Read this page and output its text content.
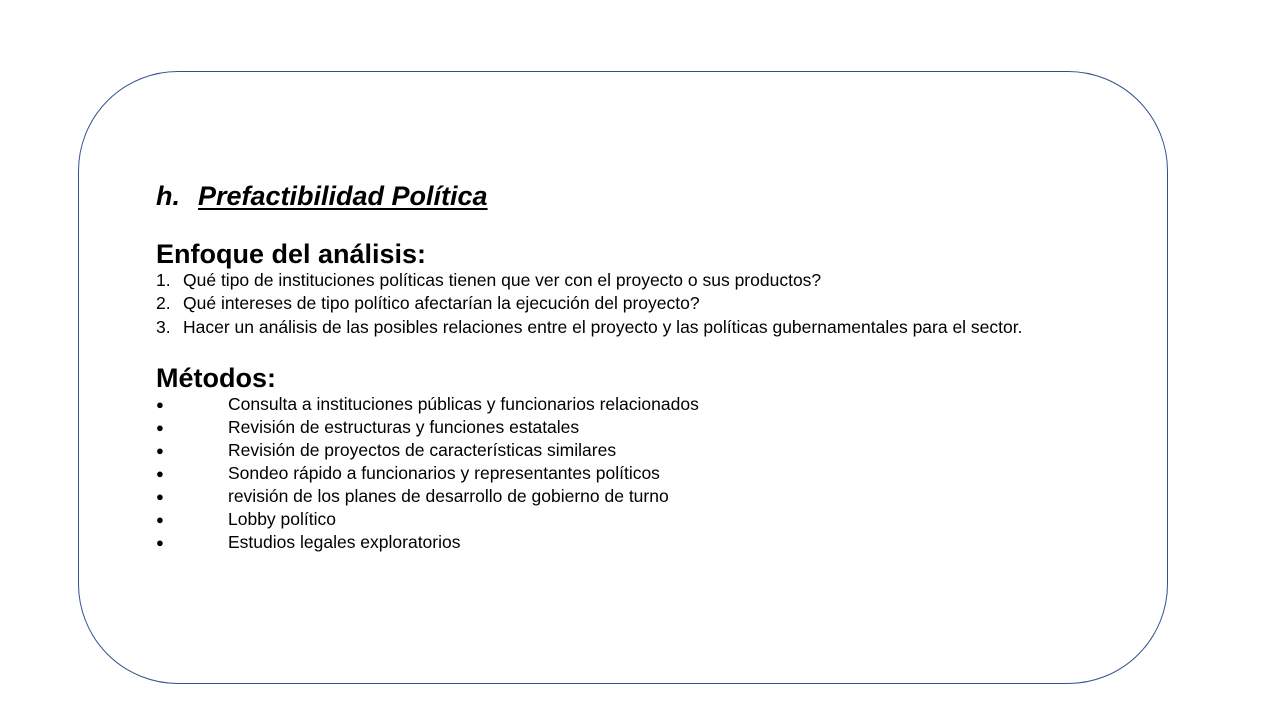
h. Prefactibilidad Política
Enfoque del análisis:
1. Qué tipo de instituciones políticas tienen que ver con el proyecto o sus productos?
2. Qué intereses de tipo político afectarían la ejecución del proyecto?
3. Hacer un análisis de las posibles relaciones entre el proyecto y las políticas gubernamentales para el sector.
Métodos:
●	Consulta a instituciones públicas y funcionarios relacionados
●	Revisión de estructuras y funciones estatales
●	Revisión de proyectos de características similares
●	Sondeo rápido a funcionarios y representantes políticos
●	revisión de los planes de desarrollo de gobierno de turno
●	Lobby político
●	Estudios legales exploratorios
